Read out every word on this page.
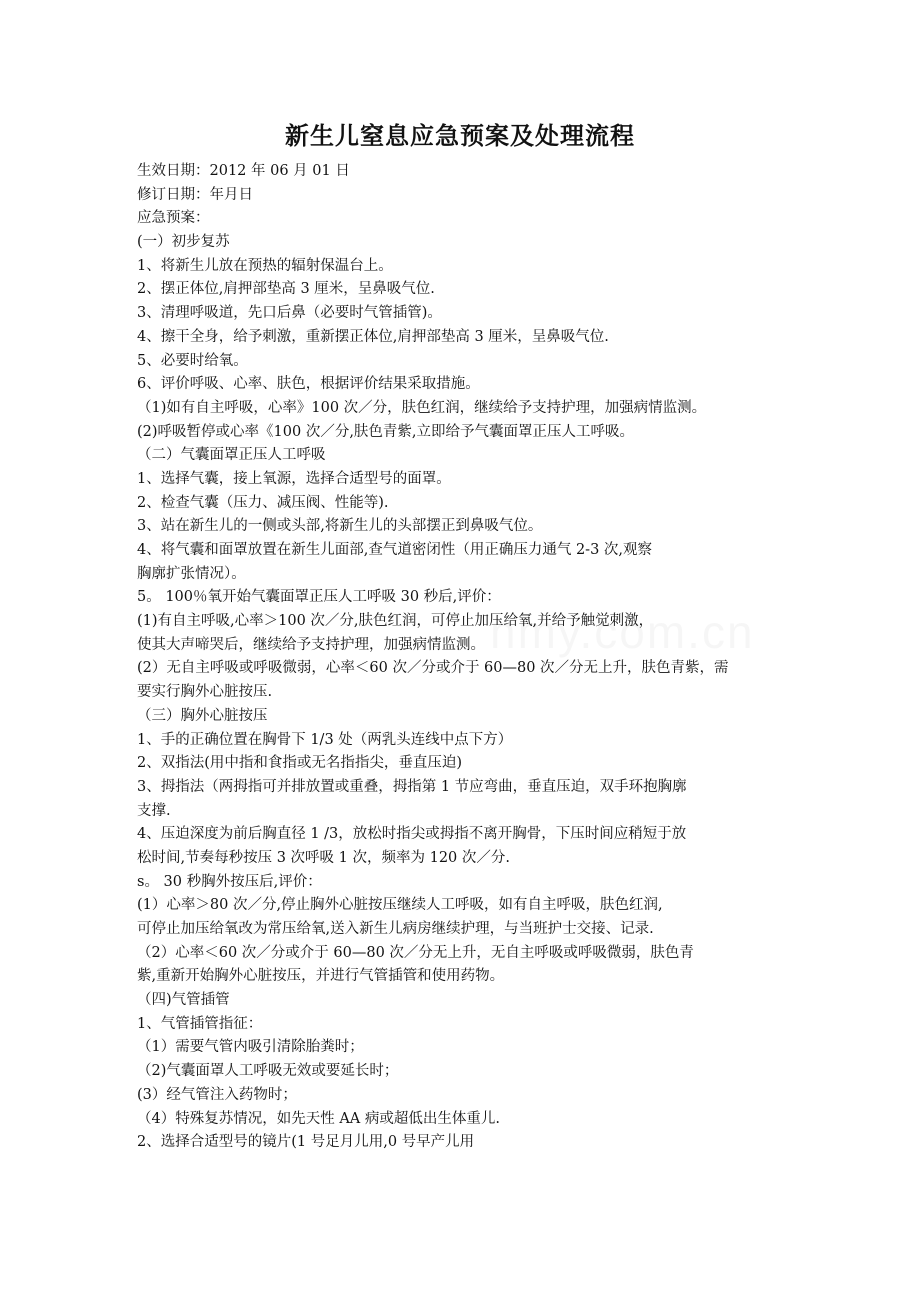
新生儿窒息应急预案及处理流程
生效日期：2012 年 06 月 01 日
修订日期：年月日
应急预案：
(一）初步复苏
1、将新生儿放在预热的辐射保温台上。
2、摆正体位,肩押部垫高 3 厘米，呈鼻吸气位.
3、清理呼吸道，先口后鼻（必要时气管插管)。
4、擦干全身，给予刺激，重新摆正体位,肩押部垫高 3 厘米，呈鼻吸气位.
5、必要时给氧。
6、评价呼吸、心率、肤色，根据评价结果采取措施。
（1)如有自主呼吸，心率》100 次／分，肤色红润，继续给予支持护理，加强病情监测。
(2)呼吸暂停或心率《100 次／分,肤色青紫,立即给予气囊面罩正压人工呼吸。
（二）气囊面罩正压人工呼吸
1、选择气囊，接上氧源，选择合适型号的面罩。
2、检查气囊（压力、减压阀、性能等).
3、站在新生儿的一侧或头部,将新生儿的头部摆正到鼻吸气位。
4、将气囊和面罩放置在新生儿面部,查气道密闭性（用正确压力通气 2-3 次,观察
胸廓扩张情况）。
5。 100％氧开始气囊面罩正压人工呼吸 30 秒后,评价：
(1)有自主呼吸,心率＞100 次／分,肤色红润，可停止加压给氧,并给予触觉刺激，
使其大声啼哭后，继续给予支持护理，加强病情监测。
(2）无自主呼吸或呼吸微弱，心率＜60 次／分或介于 60—80 次／分无上升，肤色青紫，需
要实行胸外心脏按压.
（三）胸外心脏按压
1、手的正确位置在胸骨下 1/3 处（两乳头连线中点下方）
2、双指法(用中指和食指或无名指指尖，垂直压迫)
3、拇指法（两拇指可并排放置或重叠，拇指第 1 节应弯曲，垂直压迫，双手环抱胸廓
支撑.
4、压迫深度为前后胸直径 1 /3，放松时指尖或拇指不离开胸骨，下压时间应稍短于放
松时间,节奏每秒按压 3 次呼吸 1 次，频率为 120 次／分.
s。 30 秒胸外按压后,评价：
(1）心率＞80 次／分,停止胸外心脏按压继续人工呼吸，如有自主呼吸，肤色红润,
可停止加压给氧改为常压给氧,送入新生儿病房继续护理，与当班护士交接、记录.
（2）心率＜60 次／分或介于 60—80 次／分无上升，无自主呼吸或呼吸微弱，肤色青
紫,重新开始胸外心脏按压，并进行气管插管和使用药物。
（四)气管插管
1、气管插管指征：
（1）需要气管内吸引清除胎粪时；
（2)气囊面罩人工呼吸无效或要延长时；
(3）经气管注入药物时；
（4）特殊复苏情况，如先天性 AA 病或超低出生体重儿.
2、选择合适型号的镜片(1 号足月儿用,0 号早产儿用
